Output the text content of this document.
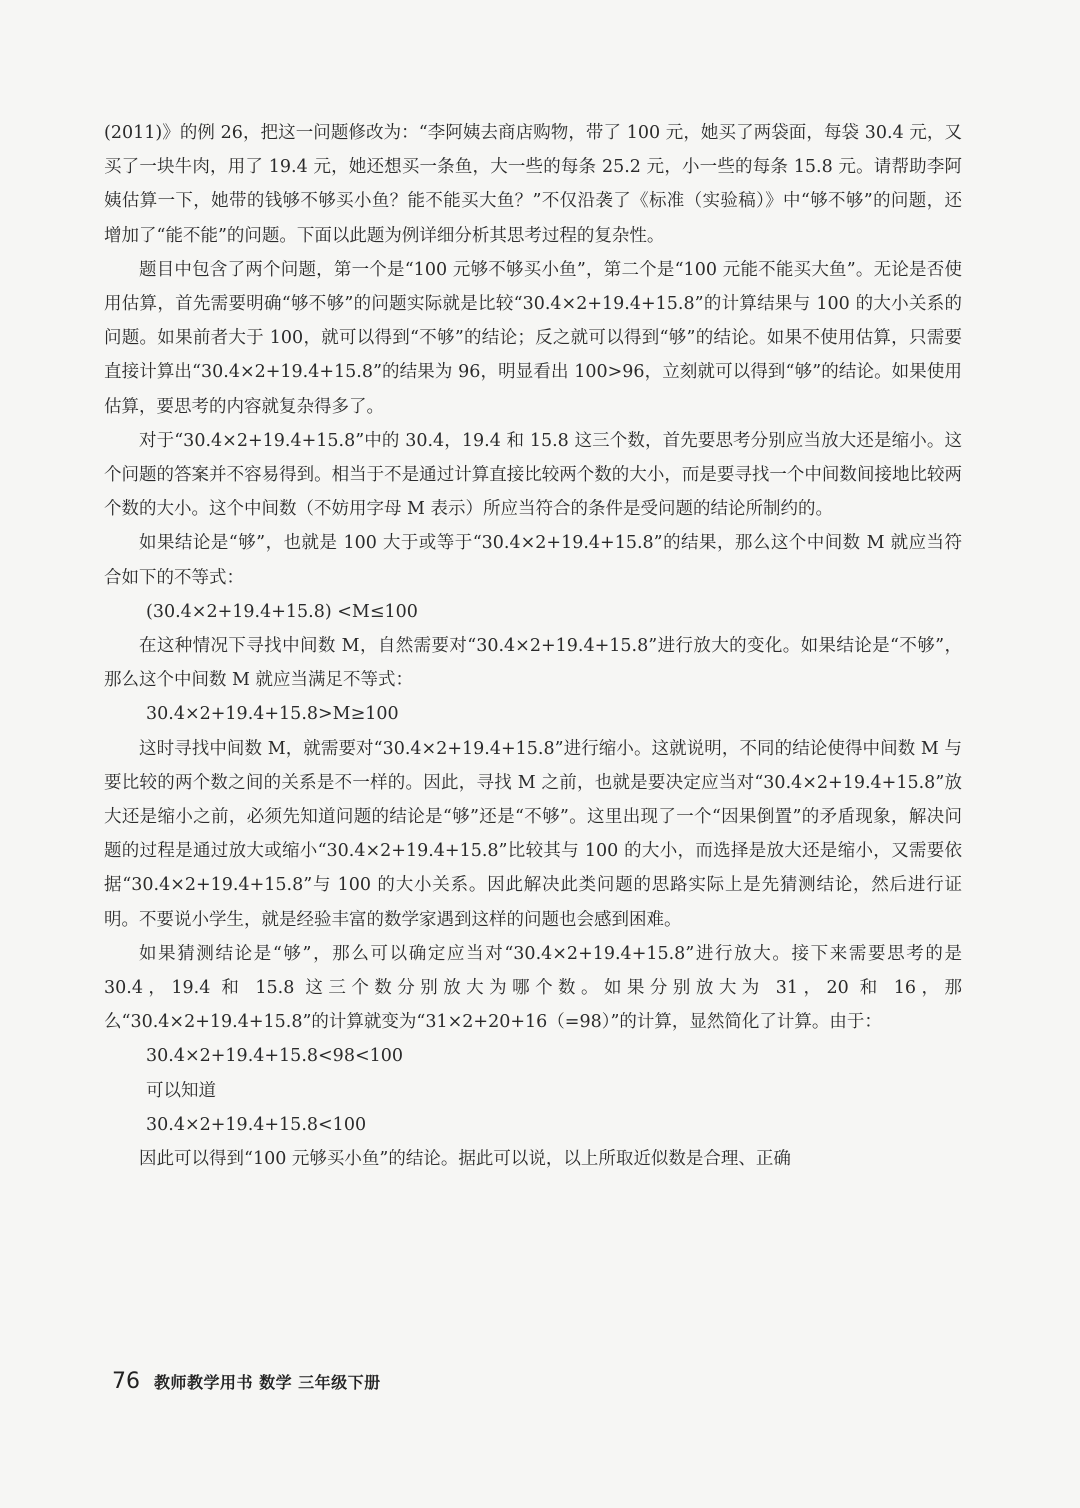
(2011)》的例 26，把这一问题修改为：“李阿姨去商店购物，带了 100 元，她买了两袋面，每袋 30.4 元，又买了一块牛肉，用了 19.4 元，她还想买一条鱼，大一些的每条 25.2 元，小一些的每条 15.8 元。请帮助李阿姨估算一下，她带的钱够不够买小鱼？能不能买大鱼？”不仅沿袭了《标准（实验稿）》中“够不够”的问题，还增加了“能不能”的问题。下面以此题为例详细分析其思考过程的复杂性。

题目中包含了两个问题，第一个是“100 元够不够买小鱼”，第二个是“100 元能不能买大鱼”。无论是否使用估算，首先需要明确“够不够”的问题实际就是比较“30.4×2+19.4+15.8”的计算结果与 100 的大小关系的问题。如果前者大于 100，就可以得到“不够”的结论；反之就可以得到“够”的结论。如果不使用估算，只需要直接计算出“30.4×2+19.4+15.8”的结果为 96，明显看出 100>96，立刻就可以得到“够”的结论。如果使用估算，要思考的内容就复杂得多了。

对于“30.4×2+19.4+15.8”中的 30.4，19.4 和 15.8 这三个数，首先要思考分别应当放大还是缩小。这个问题的答案并不容易得到。相当于不是通过计算直接比较两个数的大小，而是要寻找一个中间数间接地比较两个数的大小。这个中间数（不妨用字母 M 表示）所应当符合的条件是受问题的结论所制约的。

如果结论是“够”，也就是 100 大于或等于“30.4×2+19.4+15.8”的结果，那么这个中间数 M 就应当符合如下的不等式：

(30.4×2+19.4+15.8) <M≤100

在这种情况下寻找中间数 M，自然需要对“30.4×2+19.4+15.8”进行放大的变化。如果结论是“不够”，那么这个中间数 M 就应当满足不等式：

30.4×2+19.4+15.8>M≥100

这时寻找中间数 M，就需要对“30.4×2+19.4+15.8”进行缩小。这就说明，不同的结论使得中间数 M 与要比较的两个数之间的关系是不一样的。因此，寻找 M 之前，也就是要决定应当对“30.4×2+19.4+15.8”放大还是缩小之前，必须先知道问题的结论是“够”还是“不够”。这里出现了一个“因果倒置”的矛盾现象，解决问题的过程是通过放大或缩小“30.4×2+19.4+15.8”比较其与 100 的大小，而选择是放大还是缩小，又需要依据“30.4×2+19.4+15.8”与 100 的大小关系。因此解决此类问题的思路实际上是先猜测结论，然后进行证明。不要说小学生，就是经验丰富的数学家遇到这样的问题也会感到困难。

如果猜测结论是“够”，那么可以确定应当对“30.4×2+19.4+15.8”进行放大。接下来需要思考的是 30.4，19.4 和 15.8 这三个数分别放大为哪个数。如果分别放大为 31，20 和 16，那么“30.4×2+19.4+15.8”的计算就变为“31×2+20+16（=98）”的计算，显然简化了计算。由于：

30.4×2+19.4+15.8<98<100

可以知道

30.4×2+19.4+15.8<100

因此可以得到“100 元够买小鱼”的结论。据此可以说，以上所取近似数是合理、正确

76 教师教学用书 数学 三年级下册
